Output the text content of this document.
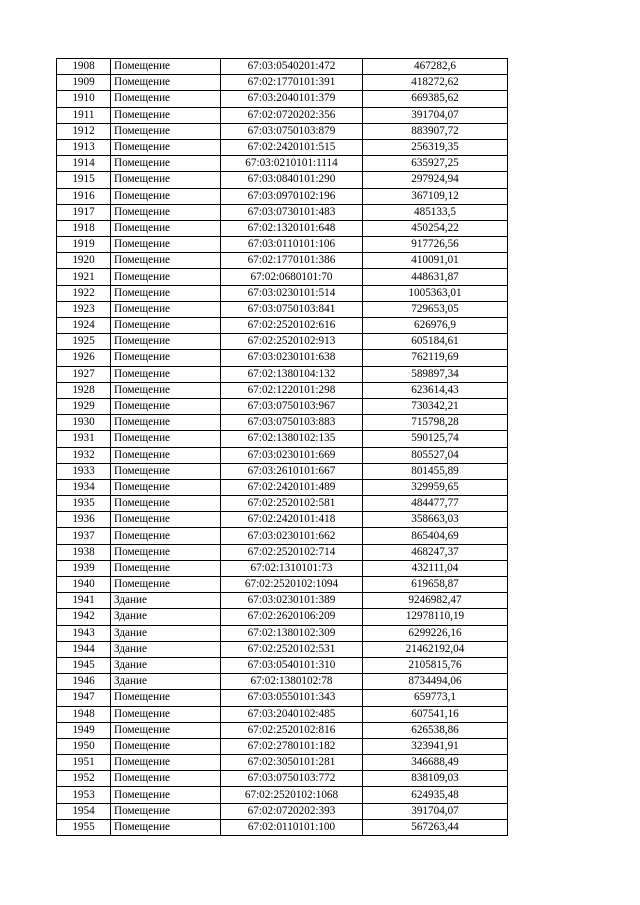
1908	Помещение	67:03:0540201:472	467282,6
1909	Помещение	67:02:1770101:391	418272,62
1910	Помещение	67:03:2040101:379	669385,62
1911	Помещение	67:02:0720202:356	391704,07
1912	Помещение	67:03:0750103:879	883907,72
1913	Помещение	67:02:2420101:515	256319,35
1914	Помещение	67:03:0210101:1114	635927,25
1915	Помещение	67:03:0840101:290	297924,94
1916	Помещение	67:03:0970102:196	367109,12
1917	Помещение	67:03:0730101:483	485133,5
1918	Помещение	67:02:1320101:648	450254,22
1919	Помещение	67:03:0110101:106	917726,56
1920	Помещение	67:02:1770101:386	410091,01
1921	Помещение	67:02:0680101:70	448631,87
1922	Помещение	67:03:0230101:514	1005363,01
1923	Помещение	67:03:0750103:841	729653,05
1924	Помещение	67:02:2520102:616	626976,9
1925	Помещение	67:02:2520102:913	605184,61
1926	Помещение	67:03:0230101:638	762119,69
1927	Помещение	67:02:1380104:132	589897,34
1928	Помещение	67:02:1220101:298	623614,43
1929	Помещение	67:03:0750103:967	730342,21
1930	Помещение	67:03:0750103:883	715798,28
1931	Помещение	67:02:1380102:135	590125,74
1932	Помещение	67:03:0230101:669	805527,04
1933	Помещение	67:03:2610101:667	801455,89
1934	Помещение	67:02:2420101:489	329959,65
1935	Помещение	67:02:2520102:581	484477,77
1936	Помещение	67:02:2420101:418	358663,03
1937	Помещение	67:03:0230101:662	865404,69
1938	Помещение	67:02:2520102:714	468247,37
1939	Помещение	67:02:1310101:73	432111,04
1940	Помещение	67:02:2520102:1094	619658,87
1941	Здание	67:03:0230101:389	9246982,47
1942	Здание	67:02:2620106:209	12978110,19
1943	Здание	67:02:1380102:309	6299226,16
1944	Здание	67:02:2520102:531	21462192,04
1945	Здание	67:03:0540101:310	2105815,76
1946	Здание	67:02:1380102:78	8734494,06
1947	Помещение	67:03:0550101:343	659773,1
1948	Помещение	67:03:2040102:485	607541,16
1949	Помещение	67:02:2520102:816	626538,86
1950	Помещение	67:02:2780101:182	323941,91
1951	Помещение	67:02:3050101:281	346688,49
1952	Помещение	67:03:0750103:772	838109,03
1953	Помещение	67:02:2520102:1068	624935,48
1954	Помещение	67:02:0720202:393	391704,07
1955	Помещение	67:02:0110101:100	567263,44
